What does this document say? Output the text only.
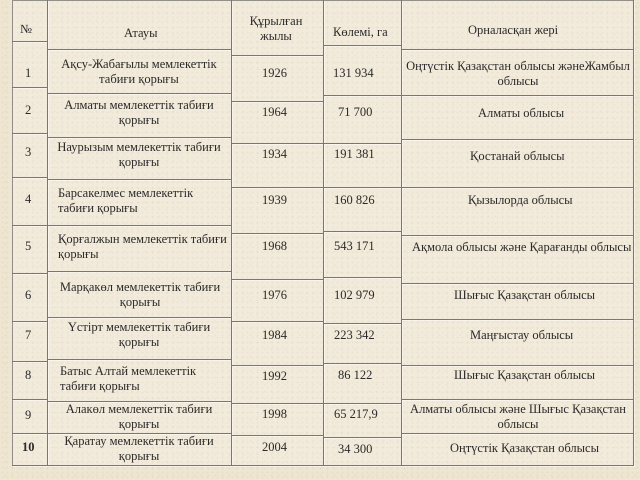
№
1
2
3
4
5
6
7
8
9
10
Атауы
Ақсу-Жабағылы мемлекеттік табиғи қорығы
Алматы мемлекеттік табиғи қорығы
Наурызым мемлекеттік табиғи қорығы
Барсакелмес мемлекеттік табиғи қорығы
Қорғалжын мемлекеттік табиғи қорығы
Марқакөл мемлекеттік табиғи қорығы
Үстірт мемлекеттік табиғи қорығы
Батыс Алтай мемлекеттік табиғи қорығы
Алакөл мемлекеттік табиғи қорығы
Қаратау мемлекеттік табиғи қорығы
Құрылған жылы
1926
1964
1934
1939
1968
1976
1984
1992
1998
2004
Көлемі, га
131 934
71 700
191 381
160 826
543 171
102 979
223 342
86 122
65 217,9
34 300
Орналасқан жері
Оңтүстік Қазақстан облысы жәнеЖамбыл облысы
Алматы облысы
Қостанай облысы
Қызылорда облысы
Ақмола облысы және Қарағанды облысы
Шығыс Қазақстан облысы
Маңғыстау облысы
Шығыс Қазақстан облысы
Алматы облысы және Шығыс Қазақстан облысы
Оңтүстік Қазақстан облысы
